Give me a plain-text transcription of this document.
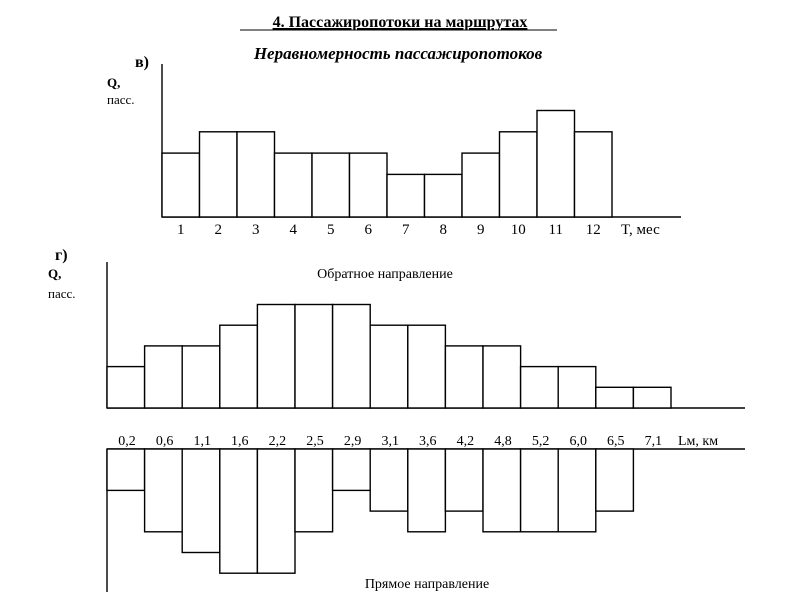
4. Пассажиропотоки на маршрутах
Неравномерность пассажиропотоков
в)
Q,
пасс.
1 2 3 4 5 6 7 8 9 10 11 12 T, мес
г)
Q,
пасс.
Обратное направление
Прямое направление
0,2 0,6 1,1 1,6 2,2 2,5 2,9 3,1 3,6 4,2 4,8 5,2 6,0 6,5 7,1 Lм, км
